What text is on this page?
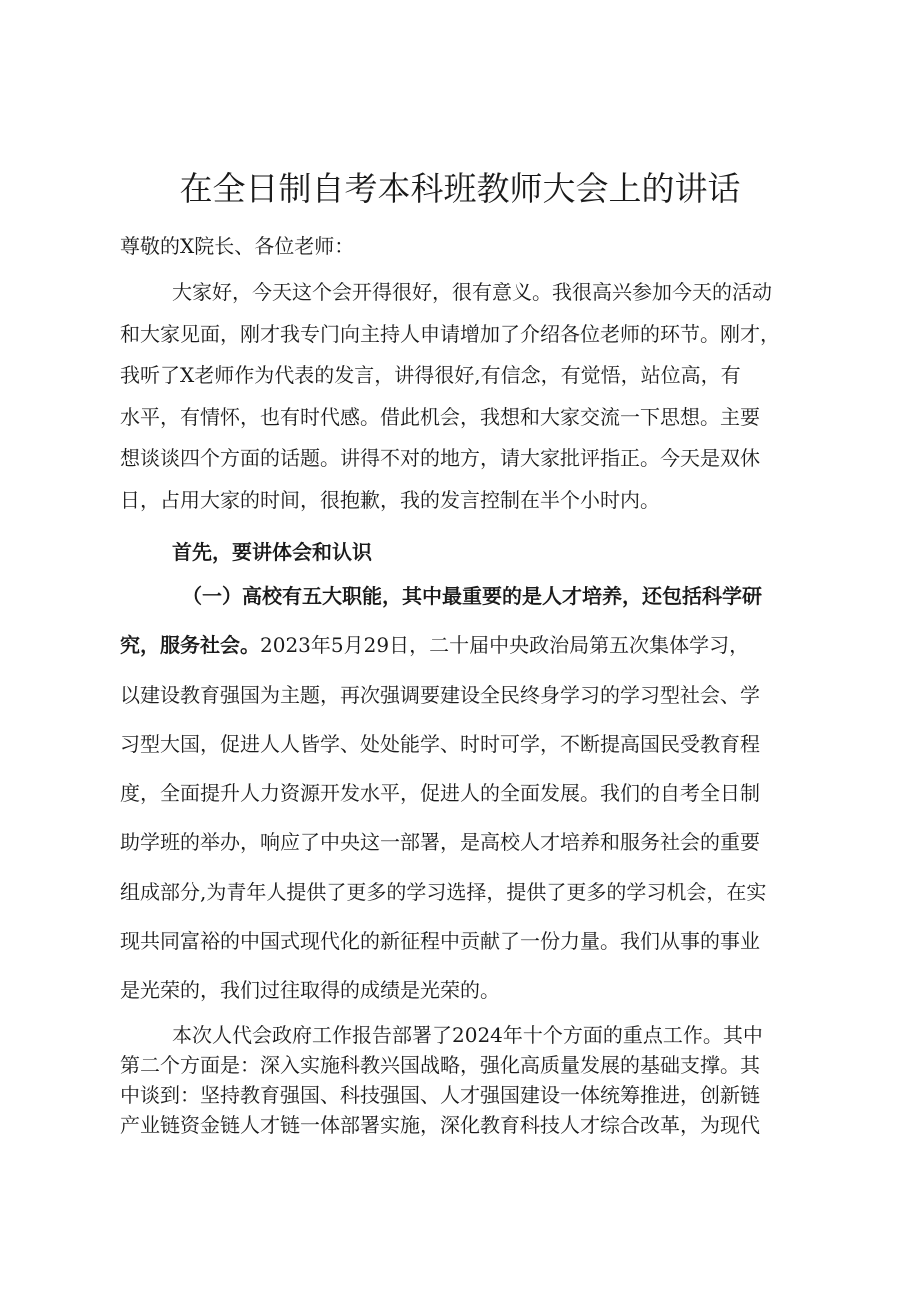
在全日制自考本科班教师大会上的讲话

尊敬的X院长、各位老师：

大家好，今天这个会开得很好，很有意义。我很高兴参加今天的活动
和大家见面，刚才我专门向主持人申请增加了介绍各位老师的环节。刚才，
我听了X老师作为代表的发言，讲得很好,有信念，有觉悟，站位高，有
水平，有情怀，也有时代感。借此机会，我想和大家交流一下思想。主要
想谈谈四个方面的话题。讲得不对的地方，请大家批评指正。今天是双休
日，占用大家的时间，很抱歉，我的发言控制在半个小时内。

首先，要讲体会和认识

（一）高校有五大职能，其中最重要的是人才培养，还包括科学研
究，服务社会。2023年5月29日，二十届中央政治局第五次集体学习，
以建设教育强国为主题，再次强调要建设全民终身学习的学习型社会、学
习型大国，促进人人皆学、处处能学、时时可学，不断提高国民受教育程
度，全面提升人力资源开发水平，促进人的全面发展。我们的自考全日制
助学班的举办，响应了中央这一部署，是高校人才培养和服务社会的重要
组成部分,为青年人提供了更多的学习选择，提供了更多的学习机会，在实
现共同富裕的中国式现代化的新征程中贡献了一份力量。我们从事的事业
是光荣的，我们过往取得的成绩是光荣的。
本次人代会政府工作报告部署了2024年十个方面的重点工作。其中
第二个方面是：深入实施科教兴国战略，强化高质量发展的基础支撑。其
中谈到：坚持教育强国、科技强国、人才强国建设一体统筹推进，创新链
产业链资金链人才链一体部署实施，深化教育科技人才综合改革，为现代
